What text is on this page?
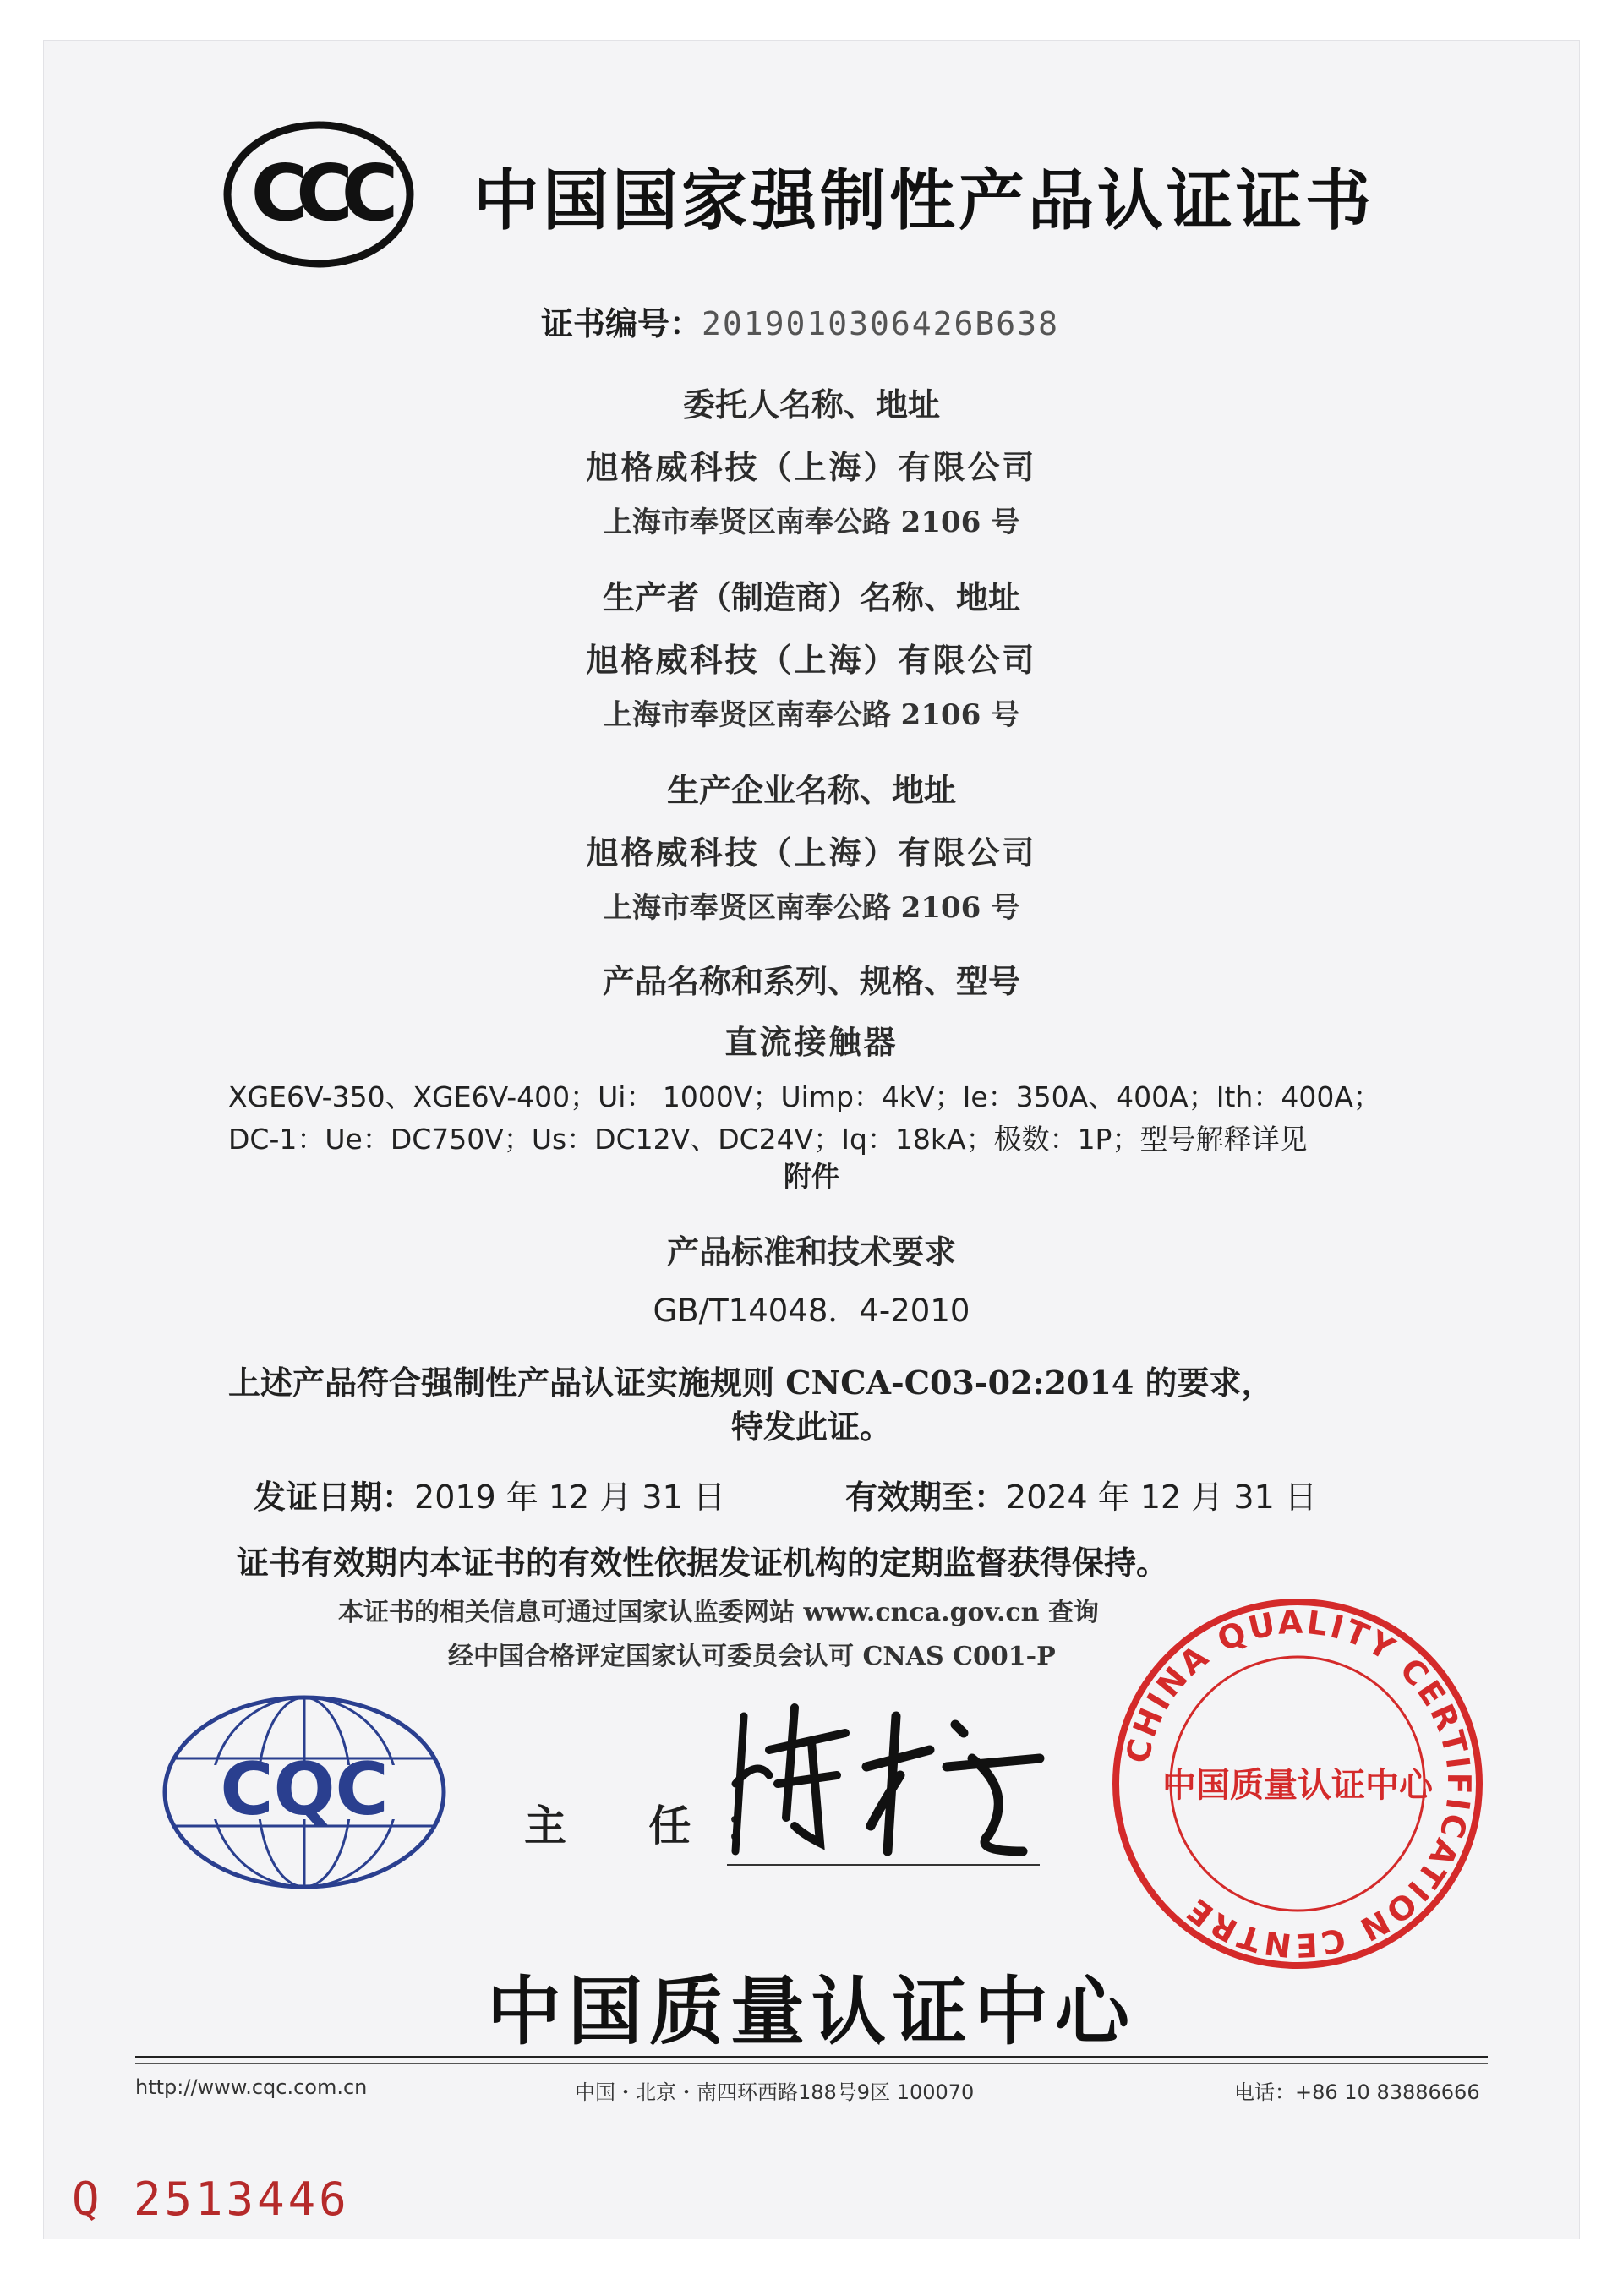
CCC 中国国家强制性产品认证证书
证书编号：2019010306426B638
委托人名称、地址
旭格威科技（上海）有限公司
上海市奉贤区南奉公路 2106 号
生产者（制造商）名称、地址
旭格威科技（上海）有限公司
上海市奉贤区南奉公路 2106 号
生产企业名称、地址
旭格威科技（上海）有限公司
上海市奉贤区南奉公路 2106 号
产品名称和系列、规格、型号
直流接触器
XGE6V-350、XGE6V-400；Ui： 1000V；Uimp：4kV；Ie：350A、400A；Ith：400A；
DC-1：Ue：DC750V；Us：DC12V、DC24V；Iq：18kA；极数：1P；型号解释详见
附件
产品标准和技术要求
GB/T14048．4-2010
上述产品符合强制性产品认证实施规则 CNCA-C03-02:2014 的要求，
特发此证。
发证日期：2019 年 12 月 31 日	有效期至：2024 年 12 月 31 日
证书有效期内本证书的有效性依据发证机构的定期监督获得保持。
本证书的相关信息可通过国家认监委网站 www.cnca.gov.cn 查询
经中国合格评定国家认可委员会认可 CNAS C001-P
CQC	主 任：
CHINA QUALITY CERTIFICATION CENTRE
中国质量认证中心
中国质量认证中心
http://www.cqc.com.cn	中国・北京・南四环西路188号9区 100070	电话：+86 10 83886666
Q 2513446
